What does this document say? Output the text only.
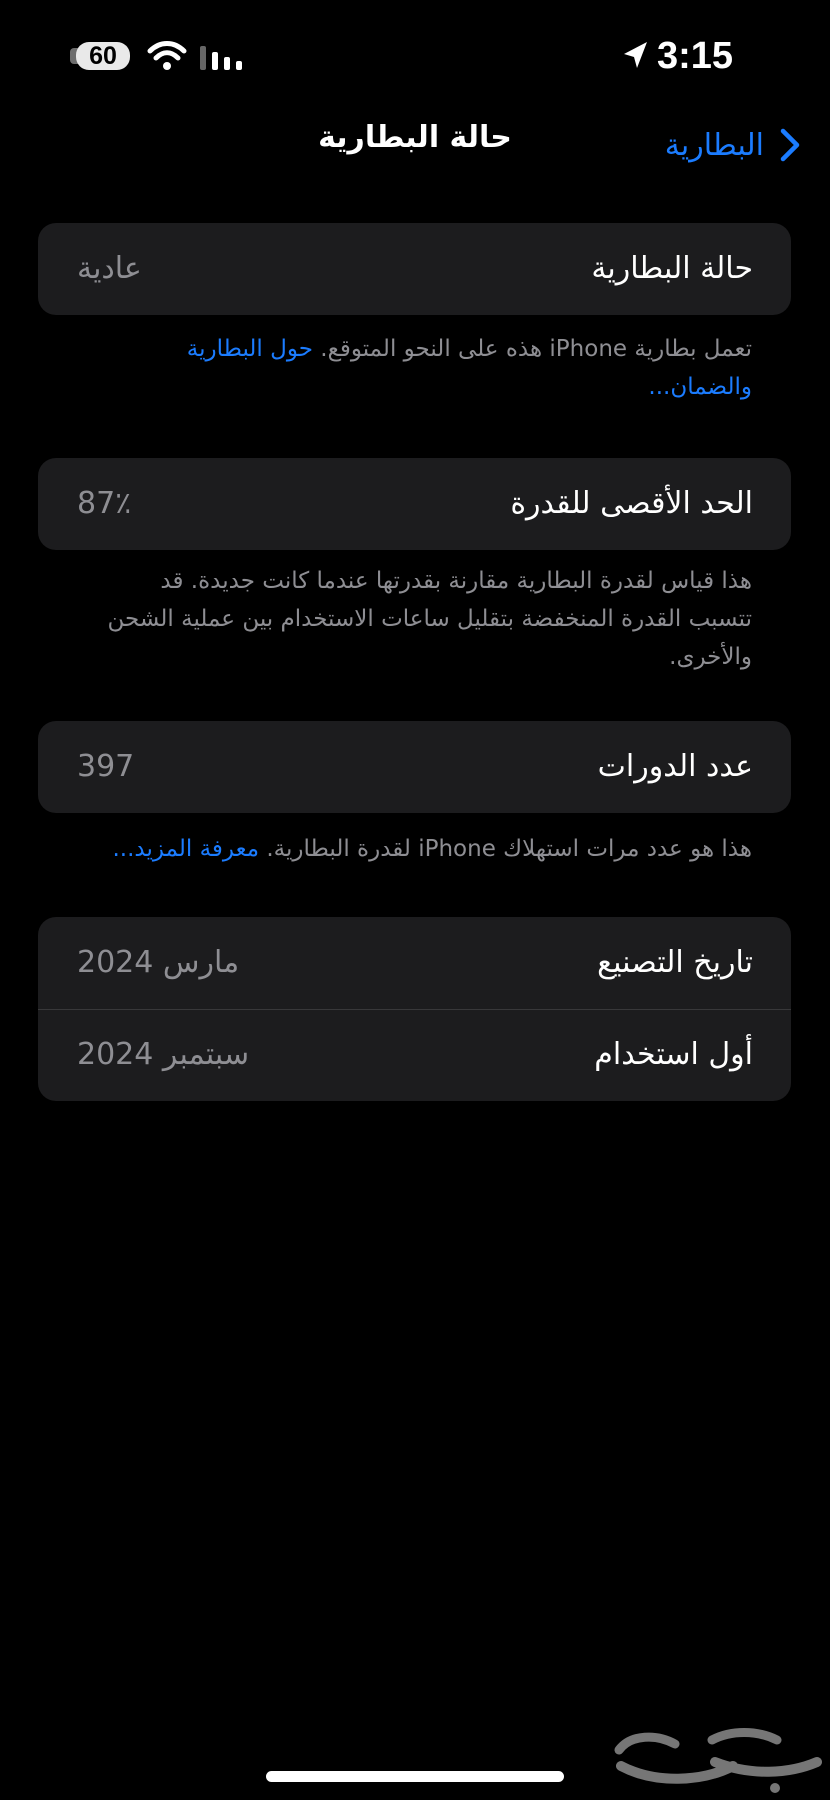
60	3:15
حالة البطارية	البطارية
حالة البطارية
عادية
تعمل بطارية iPhone هذه على النحو المتوقع. حول البطارية والضمان...
الحد الأقصى للقدرة
87٪
هذا قياس لقدرة البطارية مقارنة بقدرتها عندما كانت جديدة. قد تتسبب القدرة المنخفضة بتقليل ساعات الاستخدام بين عملية الشحن والأخرى.
عدد الدورات
397
هذا هو عدد مرات استهلاك iPhone لقدرة البطارية. معرفة المزيد...
تاريخ التصنيع
مارس 2024
أول استخدام
سبتمبر 2024
